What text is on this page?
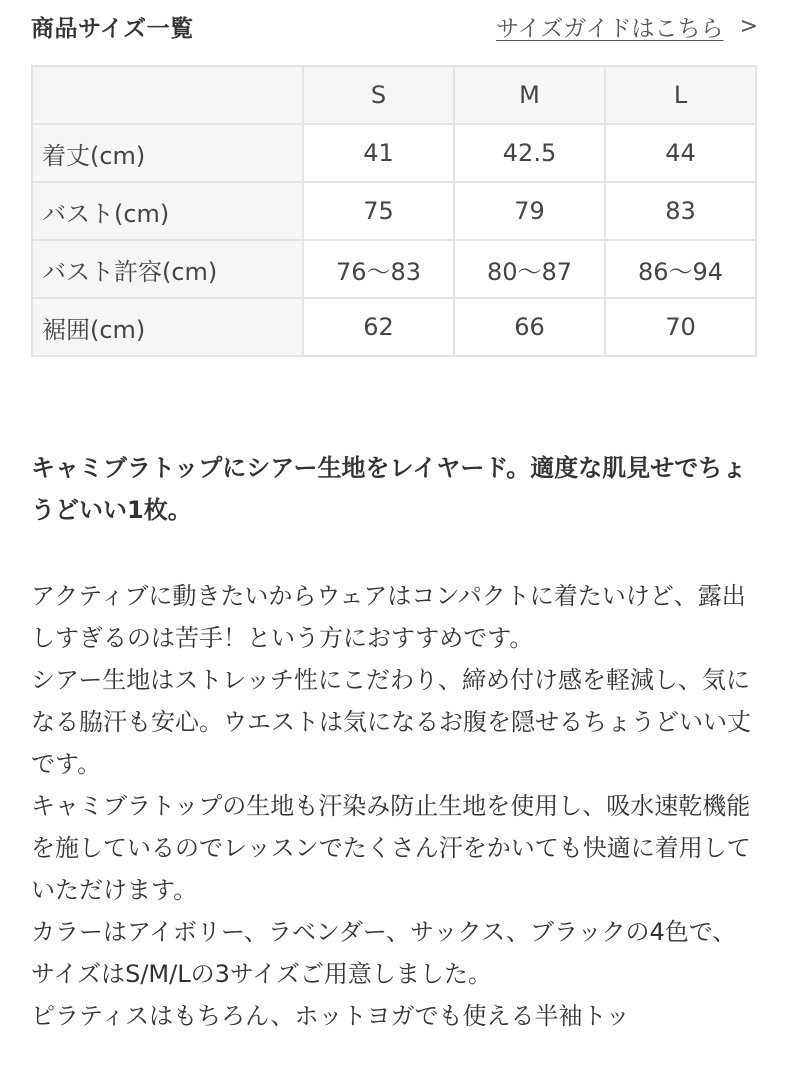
商品サイズ一覧	サイズガイドはこちら >
	S	M	L
着丈(cm)	41	42.5	44
バスト(cm)	75	79	83
バスト許容(cm)	76〜83	80〜87	86〜94
裾囲(cm)	62	66	70

キャミブラトップにシアー生地をレイヤード。適度な肌見せでちょうどいい1枚。

アクティブに動きたいからウェアはコンパクトに着たいけど、露出しすぎるのは苦手！という方におすすめです。

シアー生地はストレッチ性にこだわり、締め付け感を軽減し、気になる脇汗も安心。ウエストは気になるお腹を隠せるちょうどいい丈です。

キャミブラトップの生地も汗染み防止生地を使用し、吸水速乾機能を施しているのでレッスンでたくさん汗をかいても快適に着用していただけます。

カラーはアイボリー、ラベンダー、サックス、ブラックの4色で、サイズはS/M/Lの3サイズご用意しました。

ピラティスはもちろん、ホットヨガでも使える半袖トッ
